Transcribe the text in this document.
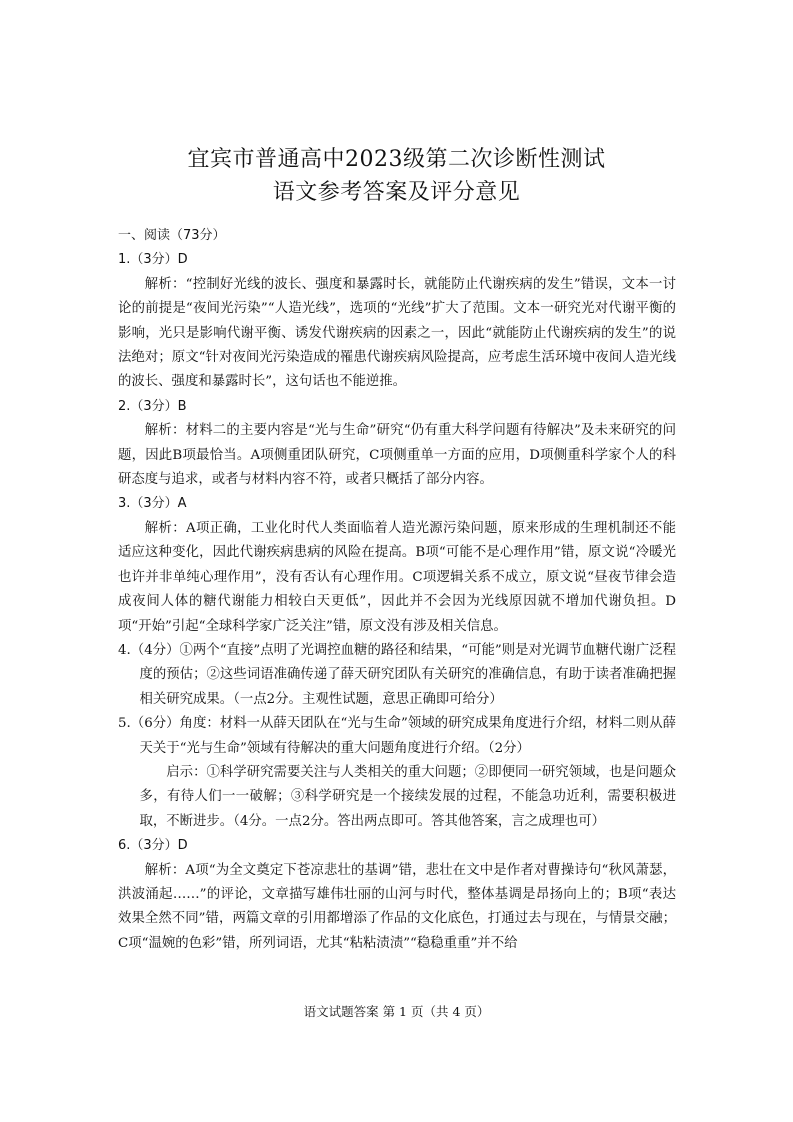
宜宾市普通高中2023级第二次诊断性测试
语文参考答案及评分意见

一、阅读（73分）

1.（3分）D

解析：“控制好光线的波长、强度和暴露时长，就能防止代谢疾病的发生”错误，文本一讨论的前提是“夜间光污染”“人造光线”，选项的“光线”扩大了范围。文本一研究光对代谢平衡的影响，光只是影响代谢平衡、诱发代谢疾病的因素之一，因此“就能防止代谢疾病的发生”的说法绝对；原文“针对夜间光污染造成的罹患代谢疾病风险提高，应考虑生活环境中夜间人造光线的波长、强度和暴露时长”，这句话也不能逆推。

2.（3分）B

解析：材料二的主要内容是“光与生命”研究“仍有重大科学问题有待解决”及未来研究的问题，因此B项最恰当。A项侧重团队研究，C项侧重单一方面的应用，D项侧重科学家个人的科研态度与追求，或者与材料内容不符，或者只概括了部分内容。

3.（3分）A

解析：A项正确，工业化时代人类面临着人造光源污染问题，原来形成的生理机制还不能适应这种变化，因此代谢疾病患病的风险在提高。B项“可能不是心理作用”错，原文说“冷暖光也许并非单纯心理作用”，没有否认有心理作用。C项逻辑关系不成立，原文说“昼夜节律会造成夜间人体的糖代谢能力相较白天更低”，因此并不会因为光线原因就不增加代谢负担。D项“开始”引起“全球科学家广泛关注”错，原文没有涉及相关信息。

4.（4分）①两个“直接”点明了光调控血糖的路径和结果，“可能”则是对光调节血糖代谢广泛程度的预估；②这些词语准确传递了薛天研究团队有关研究的准确信息，有助于读者准确把握相关研究成果。（一点2分。主观性试题，意思正确即可给分）

5.（6分）角度：材料一从薛天团队在“光与生命”领域的研究成果角度进行介绍，材料二则从薛天关于“光与生命”领域有待解决的重大问题角度进行介绍。（2分）

启示：①科学研究需要关注与人类相关的重大问题；②即便同一研究领域，也是问题众多，有待人们一一破解；③科学研究是一个接续发展的过程，不能急功近利，需要积极进取，不断进步。（4分。一点2分。答出两点即可。答其他答案，言之成理也可）

6.（3分）D

解析：A项“为全文奠定下苍凉悲壮的基调”错，悲壮在文中是作者对曹操诗句“秋风萧瑟，洪波涌起……”的评论，文章描写雄伟壮丽的山河与时代，整体基调是昂扬向上的；B项“表达效果全然不同”错，两篇文章的引用都增添了作品的文化底色，打通过去与现在，与情景交融；C项“温婉的色彩”错，所列词语，尤其“粘粘渍渍”“稳稳重重”并不给

语文试题答案 第 1 页（共 4 页）
